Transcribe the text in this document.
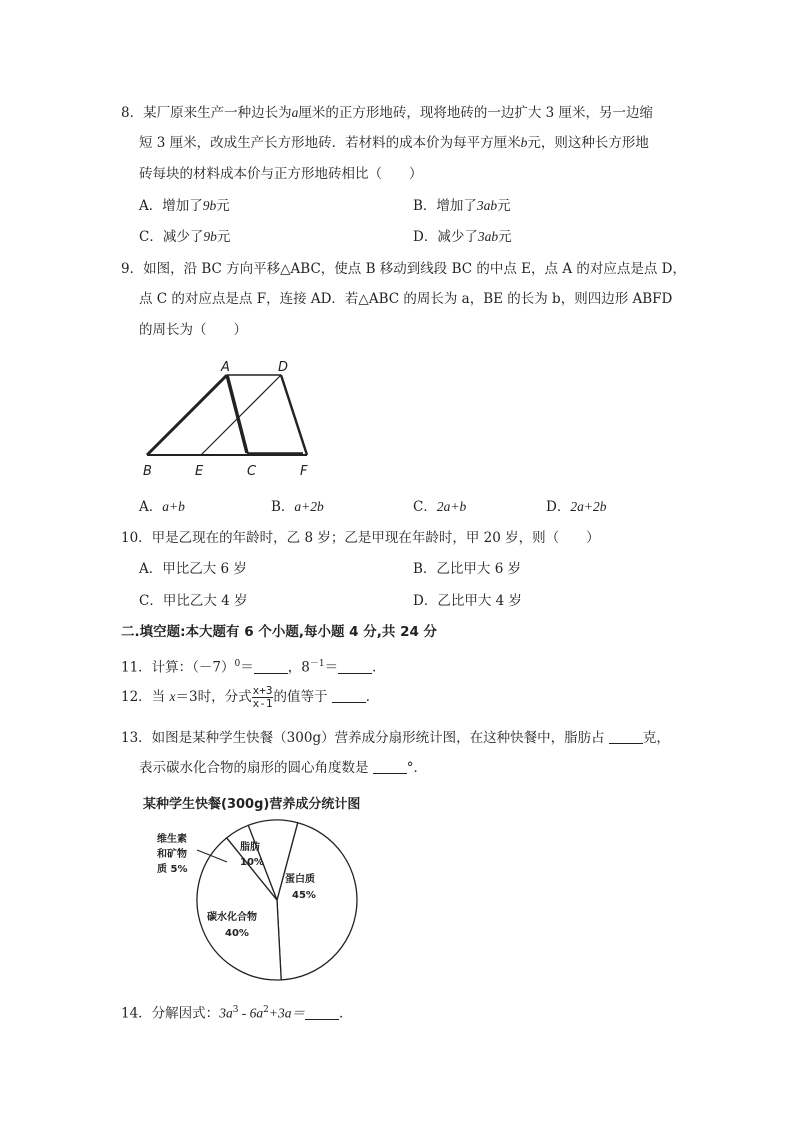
8．某厂原来生产一种边长为a厘米的正方形地砖，现将地砖的一边扩大 3 厘米，另一边缩
短 3 厘米，改成生产长方形地砖．若材料的成本价为每平方厘米b元，则这种长方形地
砖每块的材料成本价与正方形地砖相比（　　）
A．增加了9b元	B．增加了3ab元
C．减少了9b元	D．减少了3ab元
9．如图，沿 BC 方向平移△ABC，使点 B 移动到线段 BC 的中点 E，点 A 的对应点是点 D，
点 C 的对应点是点 F，连接 AD．若△ABC 的周长为 a，BE 的长为 b，则四边形 ABFD
的周长为（　　）
A	D
B	E	C	F
A．a+b	B．a+2b	C．2a+b	D．2a+2b
10．甲是乙现在的年龄时，乙 8 岁；乙是甲现在年龄时，甲 20 岁，则（　　）
A．甲比乙大 6 岁	B．乙比甲大 6 岁
C．甲比乙大 4 岁	D．乙比甲大 4 岁
二.填空题:本大题有 6 个小题,每小题 4 分,共 24 分
11．计算：$(-7)^0=$	，$8^{-1}=$	．
12．当 x＝3时，分式 $\frac{x+3}{x-1}$ 的值等于	．
13．如图是某种学生快餐（300g）营养成分扇形统计图，在这种快餐中，脂肪占	克，
表示碳水化合物的扇形的圆心角度数是	°．
某种学生快餐(300g)营养成分统计图
维生素
和矿物
质 5%
脂肪
10%
蛋白质
45%
碳水化合物
40%
14．分解因式：$3a^3 - 6a^2+3a=$	．
